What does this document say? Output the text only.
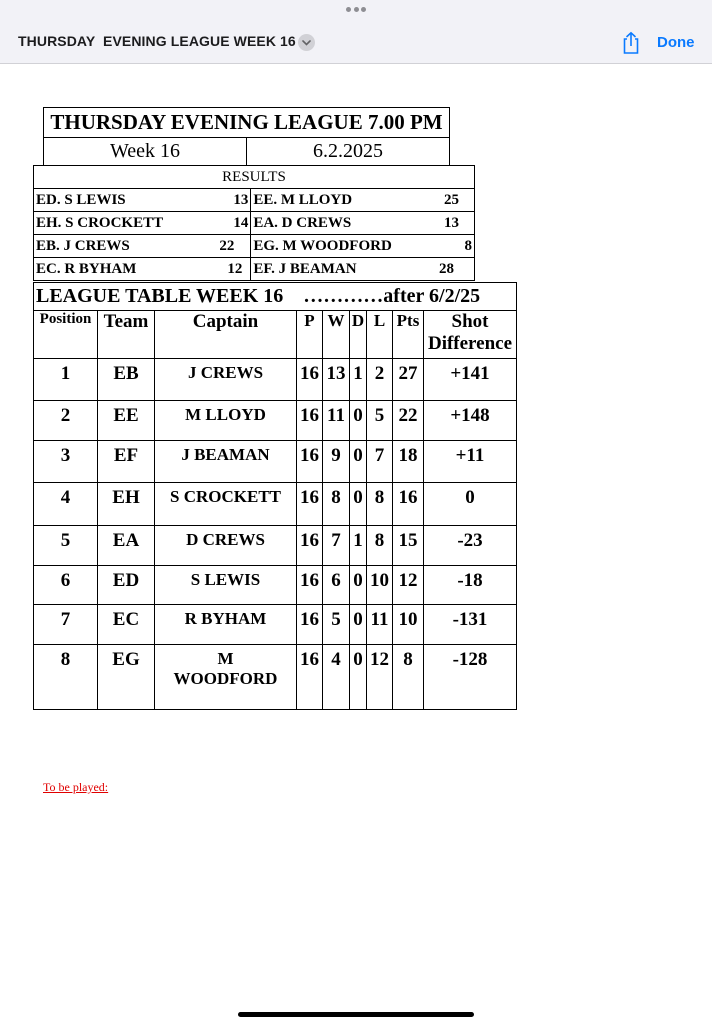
THURSDAY  EVENING LEAGUE WEEK 16	Done
THURSDAY EVENING LEAGUE 7.00 PM
Week 16	6.2.2025
RESULTS			
ED. S LEWIS	13	EE. M LLOYD	25
EH. S CROCKETT	14	EA. D CREWS	13
EB. J CREWS	22	EG. M WOODFORD	8
EC. R BYHAM	12	EF. J BEAMAN	28
LEAGUE TABLE WEEK 16 …………after 6/2/25								
Position	Team	Captain	P	W	D	L	Pts	Shot Difference
1	EB	J CREWS	16	13	1	2	27	+141
2	EE	M LLOYD	16	11	0	5	22	+148
3	EF	J BEAMAN	16	9	0	7	18	+11
4	EH	S CROCKETT	16	8	0	8	16	0
5	EA	D CREWS	16	7	1	8	15	-23
6	ED	S LEWIS	16	6	0	10	12	-18
7	EC	R BYHAM	16	5	0	11	10	-131
8	EG	M WOODFORD	16	4	0	12	8	-128
To be played:
